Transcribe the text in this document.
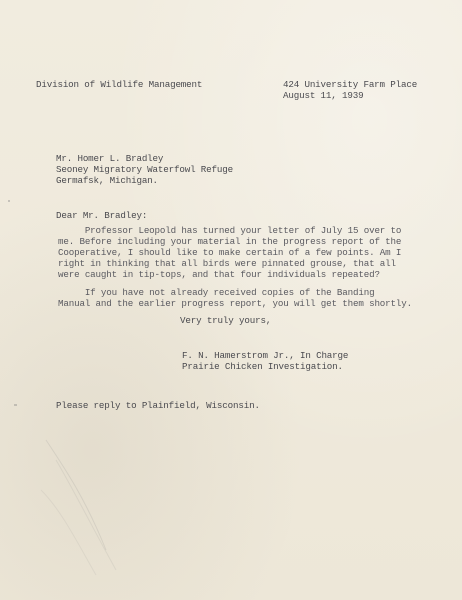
Division of Wildlife Management	424 University Farm Place
August 11, 1939
Mr. Homer L. Bradley
Seoney Migratory Waterfowl Refuge
Germafsk, Michigan.
Dear Mr. Bradley:
Professor Leopold has turned your letter of July 15 over to
me. Before including your material in the progress report of the
Cooperative, I should like to make certain of a few points. Am I
right in thinking that all birds were pinnated grouse, that all
were caught in tip-tops, and that four individuals repeated?
If you have not already received copies of the Banding
Manual and the earlier progress report, you will get them shortly.
Very truly yours,
F. N. Hamerstrom Jr., In Charge
Prairie Chicken Investigation.
Please reply to Plainfield, Wisconsin.
